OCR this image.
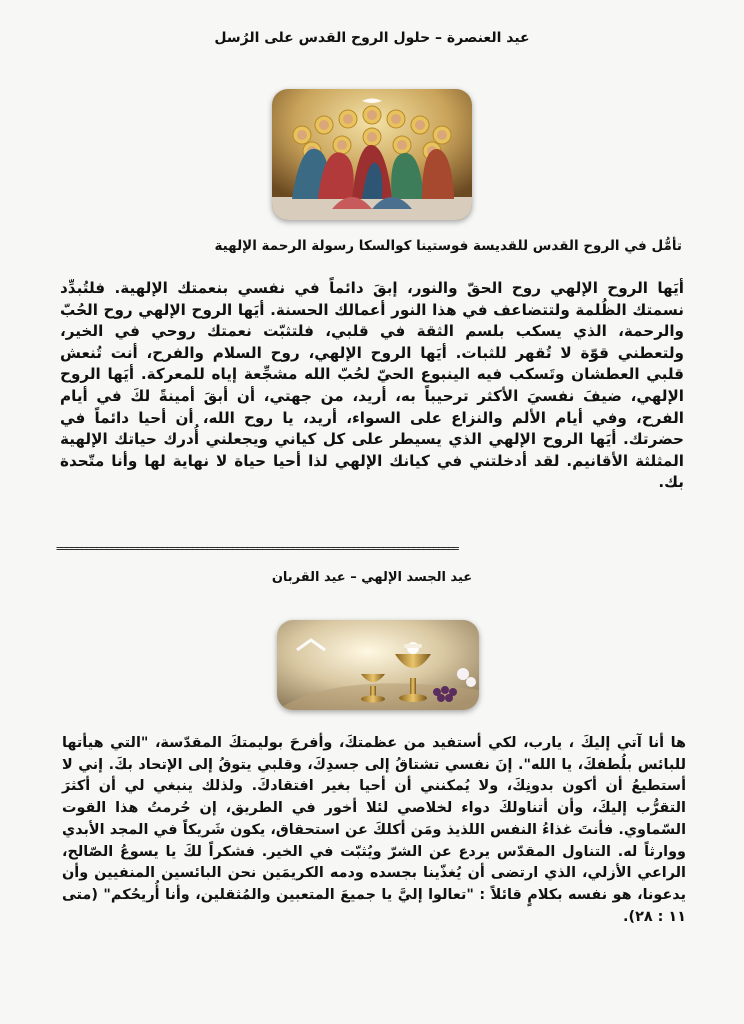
عيد العنصرة – حلول الروح القدس على الرُسل
تأمُّل في الروح القدس للقديسة فوستينا كوالسكا رسولة الرحمة الإلهية

أيَها الروح الإلهي روح الحقّ والنور، إبقَ دائماً في نفسي بنعمتك الإلهية. فلتُبدِّد نسمتك الظُلمة ولتتضاعف في هذا النور أعمالك الحسنة. أيَها الروح الإلهي روح الحُبّ والرحمة، الذي يسكب بلسم الثقة في قلبي، فلتثبّت نعمتك روحي في الخير، ولتعطني قوّة لا تُقهر للثبات. أيَها الروح الإلهي، روح السلام والفرح، أنت تُنعش قلبي العطشان وتَسكب فيه الينبوع الحيّ لحُبّ الله مشجِّعة إياه للمعركة. أيَها الروح الإلهي، ضيفَ نفسيَ الأكثر ترحيباً به، أريد، من جهتي، أن أبقَ أمينةً لكَ في أيام الفرح، وفي أيام الألم والنزاع على السواء، أريد، يا روح الله، أن أحيا دائماً في حضرتك. أيَها الروح الإلهي الذي يسيطر على كل كياني ويجعلني أُدرك حياتك الإلهية المثلثة الأقانيم. لقد أدخلتني في كيانك الإلهي لذا أحيا حياة لا نهاية لها وأنا متّحدة بك.

================================================================================
عيد الجسد الإلهي – عيد القربان

ها أنا آتي إليكَ ، يارب، لكي أستفيد من عظمتكَ، وأفرحَ بوليمتكَ المقدّسة، "التي هيأتها للبائس بلُطفكَ، يا الله". إنَ نفسي تشتاقُ إلى جسدِكَ، وقلبي يتوقُ إلى الإتحاد بكَ. إني لا أستطيعُ أن أكون بدونِكَ، ولا يُمكنني أن أحيا بغير افتقادكَ. ولذلك ينبغي لي أن أكثرَ التقرُّب إليكَ، وأن أتناولكَ دواء لخلاصي لئلا أخور في الطريق، إن حُرمتُ هذا القوت السّماوي. فأنتَ غذاءُ النفس اللذيذ ومَن أكلكَ عن استحقاق، يكون شَريكاً في المجد الأبدي ووارثاً له. التناول المقدّس يردع عن الشرّ ويُثبّت في الخير. فشكراً لكَ يا يسوعُ الصّالح، الراعي الأزلي، الذي ارتضى أن يُغذّينا بجسده ودمه الكريمَين نحن البائسين المنفيين وأن يدعونا، هو نفسه بكلامٍ قائلاً : "تعالوا إليَّ يا جميعَ المتعبين والمُثقلين، وأنا أُريحُكم" (متى ١١ : ٢٨).
